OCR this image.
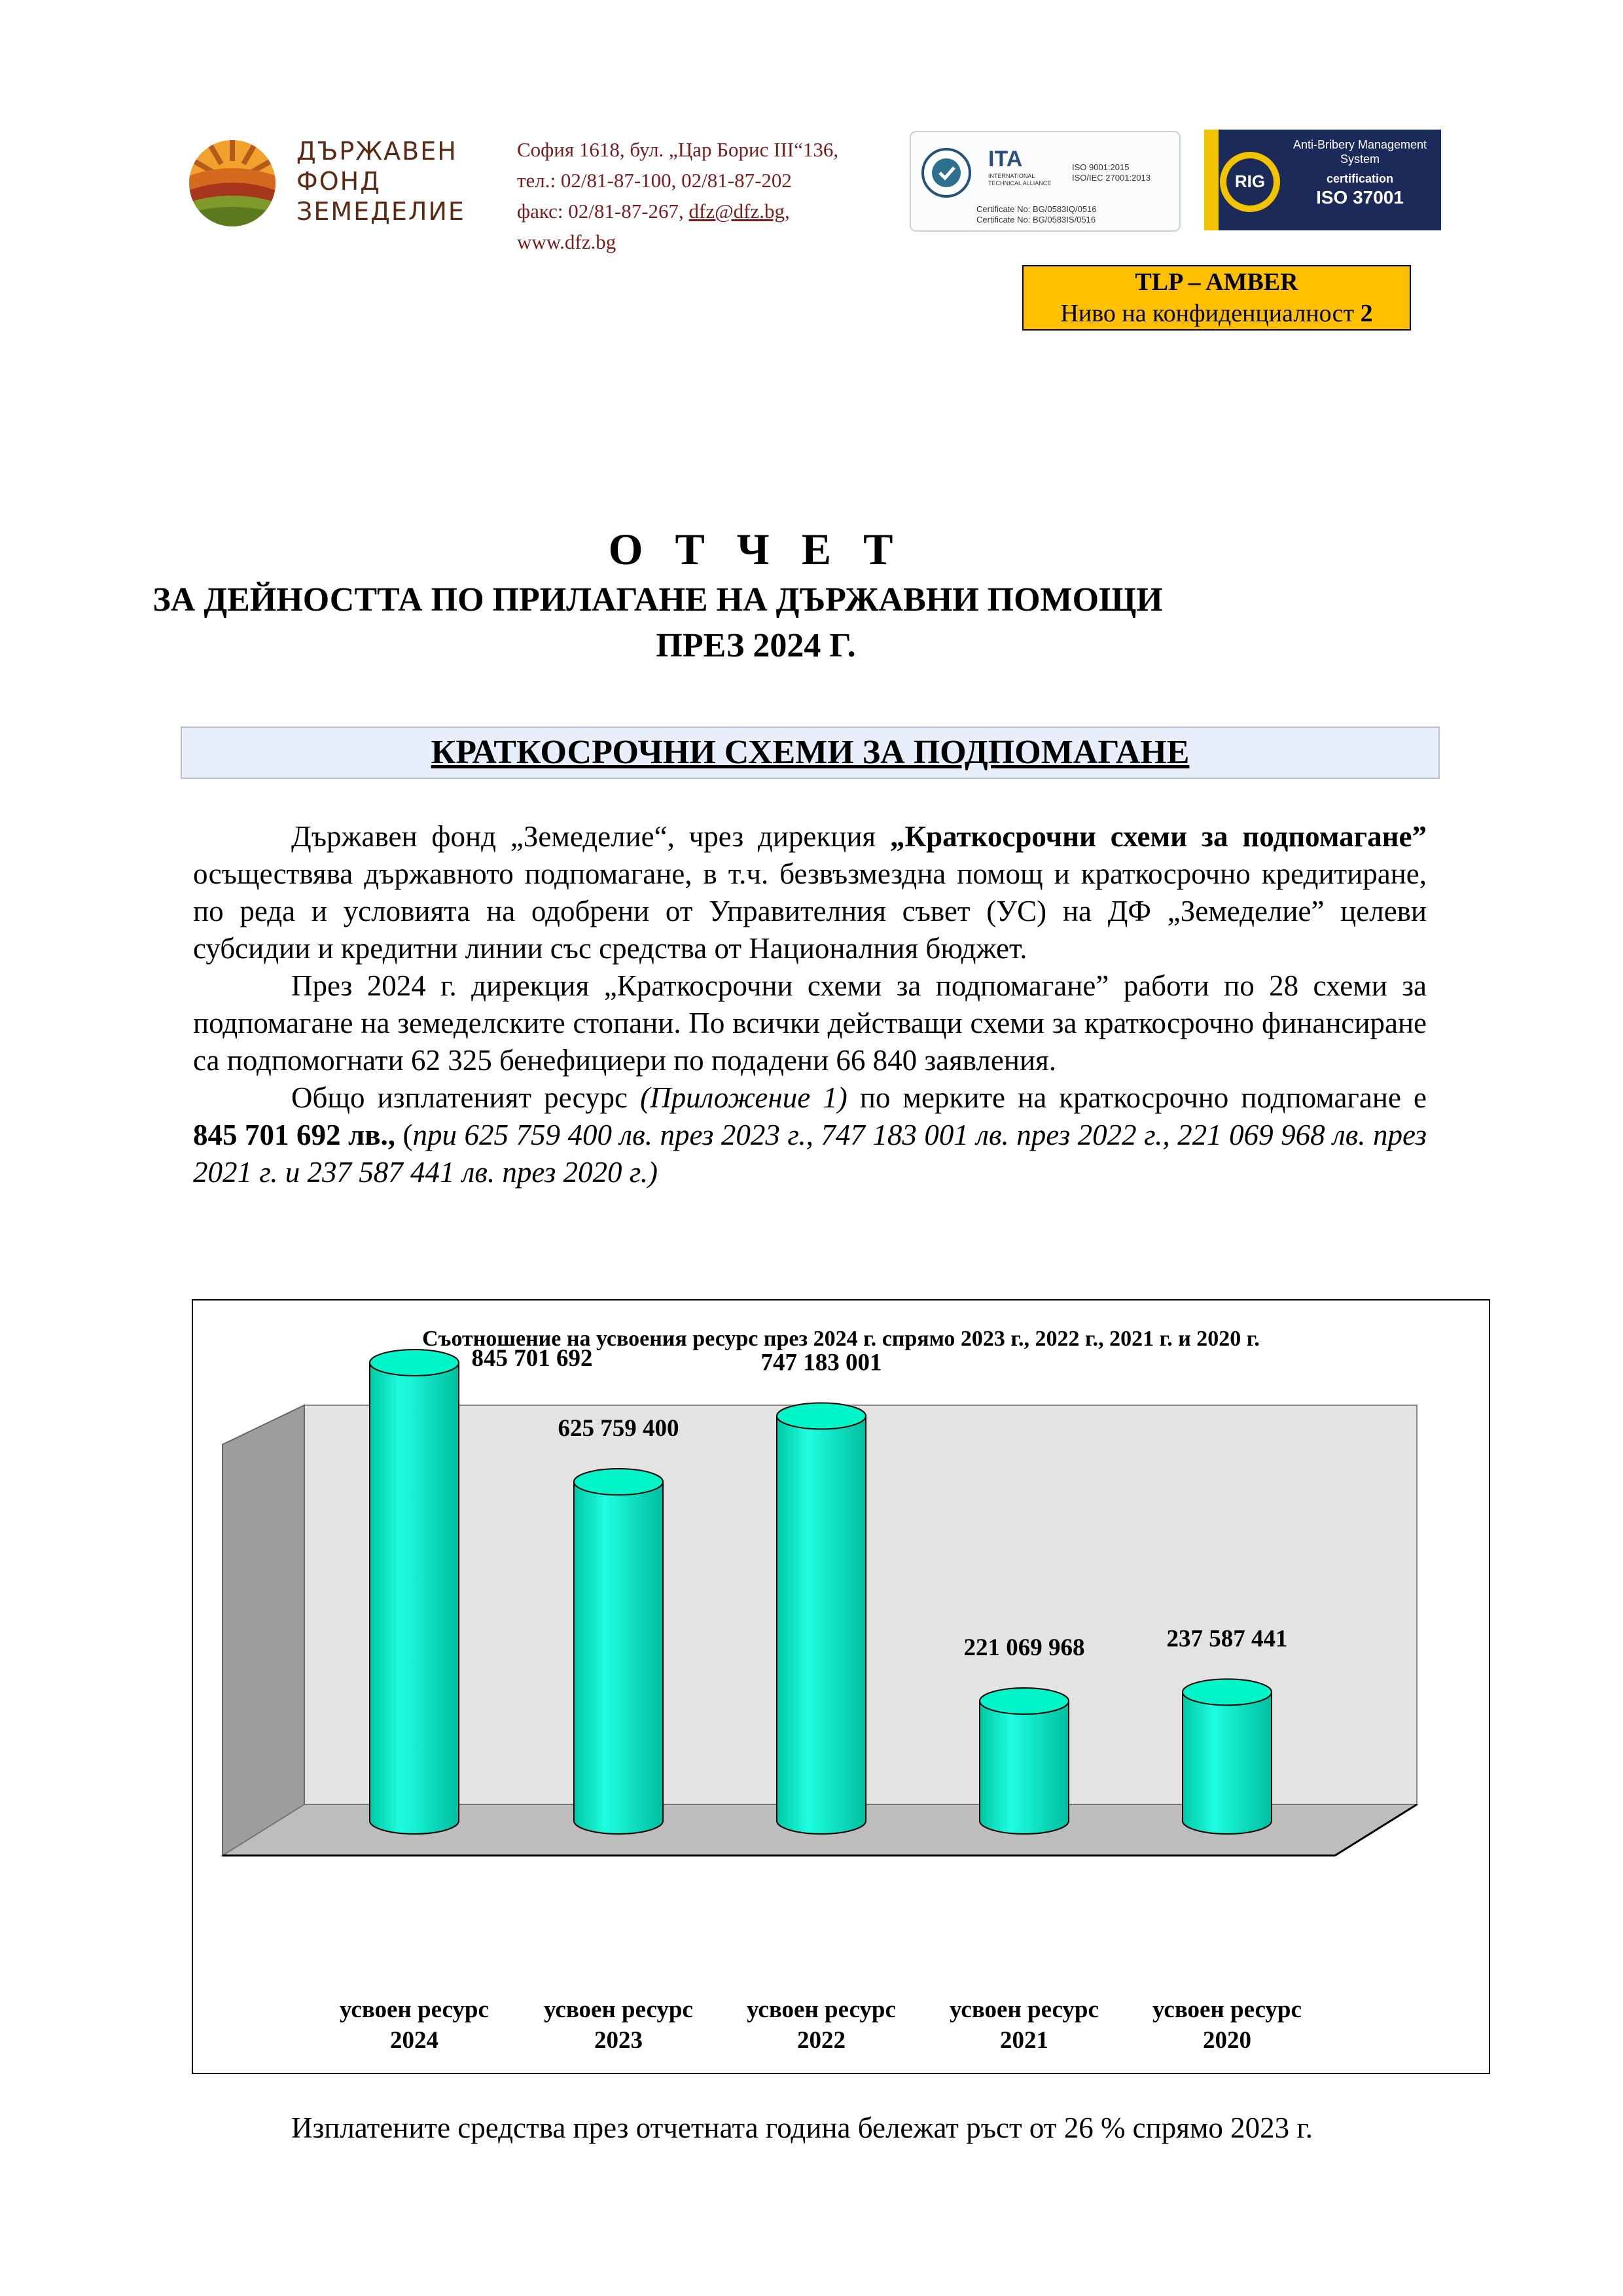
ДЪРЖАВЕН
ФОНД
ЗЕМЕДЕЛИЕ
София 1618, бул. „Цар Борис III“136,
тел.: 02/81-87-100, 02/81-87-202
факс: 02/81-87-267, dfz@dfz.bg,
www.dfz.bg
ITA
INTERNATIONAL TECHNICAL ALLIANCE
ISO 9001:2015
ISO/IEC 27001:2013
Certificate No: BG/0583IQ/0516
Certificate No: BG/0583IS/0516
RIG
Anti-Bribery Management
System
certification
ISO 37001
TLP – AMBER
Ниво на конфиденциалност 2
О Т Ч Е Т
ЗА ДЕЙНОСТТА ПО ПРИЛАГАНЕ НА ДЪРЖАВНИ ПОМОЩИ
ПРЕЗ 2024 Г.
КРАТКОСРОЧНИ СХЕМИ ЗА ПОДПОМАГАНЕ
Държавен фонд „Земеделие“, чрез дирекция „Краткосрочни схеми за подпомагане” осъществява държавното подпомагане, в т.ч. безвъзмездна помощ и краткосрочно кредитиране, по реда и условията на одобрени от Управителния съвет (УС) на ДФ „Земеделие” целеви субсидии и кредитни линии със средства от Националния бюджет.
През 2024 г. дирекция „Краткосрочни схеми за подпомагане” работи по 28 схеми за подпомагане на земеделските стопани. По всички действащи схеми за краткосрочно финансиране са подпомогнати 62 325 бенефициери по подадени 66 840 заявления.
Общо изплатеният ресурс (Приложение 1) по мерките на краткосрочно подпомагане е 845 701 692 лв., (при 625 759 400 лв. през 2023 г., 747 183 001 лв. през 2022 г., 221 069 968 лв. през 2021 г. и 237 587 441 лв. през 2020 г.)
Съотношение на усвоения ресурс през 2024 г. спрямо 2023 г., 2022 г., 2021 г. и 2020 г.
845 701 692
625 759 400
747 183 001
221 069 968	237 587 441
усвоен ресурс
2024
усвоен ресурс
2023
усвоен ресурс
2022
усвоен ресурс
2021
усвоен ресурс
2020
Изплатените средства през отчетната година бележат ръст от 26 % спрямо 2023 г.
